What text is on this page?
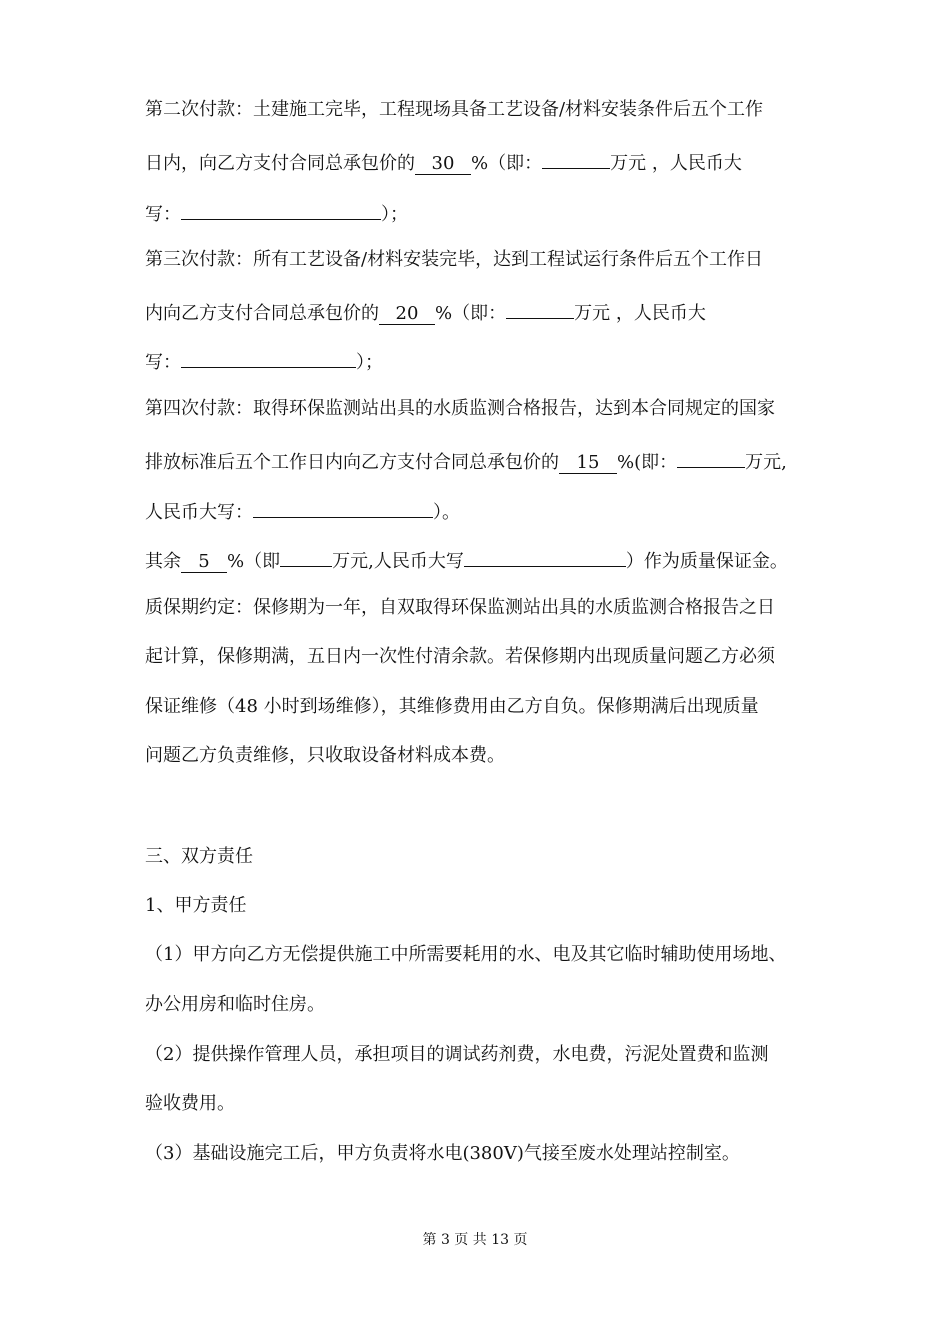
第二次付款：土建施工完毕，工程现场具备工艺设备/材料安装条件后五个工作
日内，向乙方支付合同总承包价的 30 %（即：	万元 ，人民币大
写：	）；
第三次付款：所有工艺设备/材料安装完毕，达到工程试运行条件后五个工作日
内向乙方支付合同总承包价的 20 %（即：	万元 ，人民币大
写：	）；
第四次付款：取得环保监测站出具的水质监测合格报告，达到本合同规定的国家
排放标准后五个工作日内向乙方支付合同总承包价的 15 %(即：	万元,
人民币大写：	）。
其余 5 %（即	万元,人民币大写	）作为质量保证金。
质保期约定：保修期为一年，自双取得环保监测站出具的水质监测合格报告之日
起计算，保修期满，五日内一次性付清余款。若保修期内出现质量问题乙方必须
保证维修（48 小时到场维修），其维修费用由乙方自负。保修期满后出现质量
问题乙方负责维修，只收取设备材料成本费。
三、双方责任
1、甲方责任
（1）甲方向乙方无偿提供施工中所需要耗用的水、电及其它临时辅助使用场地、
办公用房和临时住房。
（2）提供操作管理人员，承担项目的调试药剂费，水电费，污泥处置费和监测
验收费用。
（3）基础设施完工后，甲方负责将水电(380V)气接至废水处理站控制室。
第 3 页 共 13 页
